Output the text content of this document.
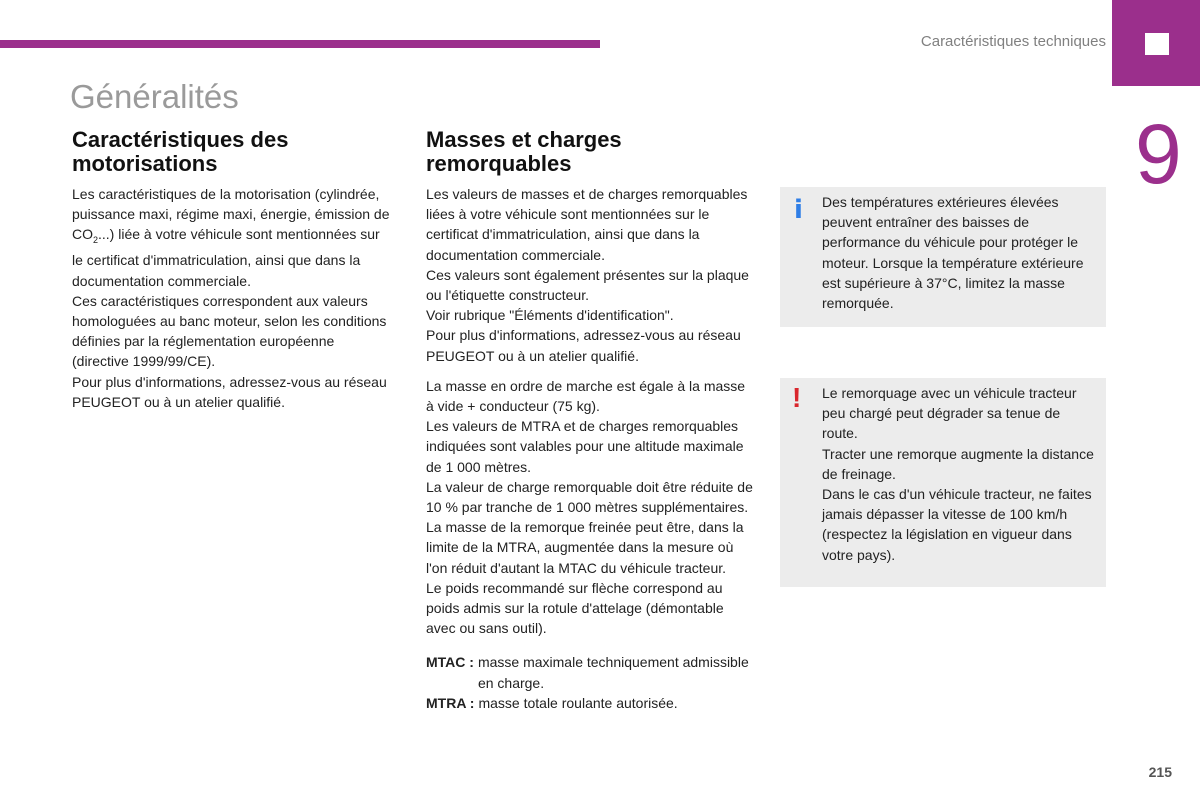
Caractéristiques techniques
9
Généralités
Caractéristiques des motorisations

Les caractéristiques de la motorisation (cylindrée, puissance maxi, régime maxi, énergie, émission de $CO_2$...) liée à votre véhicule sont mentionnées sur le certificat d'immatriculation, ainsi que dans la documentation commerciale.

Ces caractéristiques correspondent aux valeurs homologuées au banc moteur, selon les conditions définies par la réglementation européenne (directive 1999/99/CE).

Pour plus d'informations, adressez-vous au réseau PEUGEOT ou à un atelier qualifié.

Masses et charges remorquables

Les valeurs de masses et de charges remorquables liées à votre véhicule sont mentionnées sur le certificat d'immatriculation, ainsi que dans la documentation commerciale.

Ces valeurs sont également présentes sur la plaque ou l'étiquette constructeur.

Voir rubrique "Éléments d'identification".

Pour plus d'informations, adressez-vous au réseau PEUGEOT ou à un atelier qualifié.

La masse en ordre de marche est égale à la masse à vide + conducteur (75 kg).

Les valeurs de MTRA et de charges remorquables indiquées sont valables pour une altitude maximale de 1 000 mètres.

La valeur de charge remorquable doit être réduite de 10 % par tranche de 1 000 mètres supplémentaires.

La masse de la remorque freinée peut être, dans la limite de la MTRA, augmentée dans la mesure où l'on réduit d'autant la MTAC du véhicule tracteur.

Le poids recommandé sur flèche correspond au poids admis sur la rotule d'attelage (démontable avec ou sans outil).

MTAC : masse maximale techniquement admissible en charge.
MTRA : masse totale roulante autorisée.
i Des températures extérieures élevées peuvent entraîner des baisses de performance du véhicule pour protéger le moteur. Lorsque la température extérieure est supérieure à 37°C, limitez la masse remorquée.

! Le remorquage avec un véhicule tracteur peu chargé peut dégrader sa tenue de route.

Tracter une remorque augmente la distance de freinage.

Dans le cas d'un véhicule tracteur, ne faites jamais dépasser la vitesse de 100 km/h (respectez la législation en vigueur dans votre pays).

215
